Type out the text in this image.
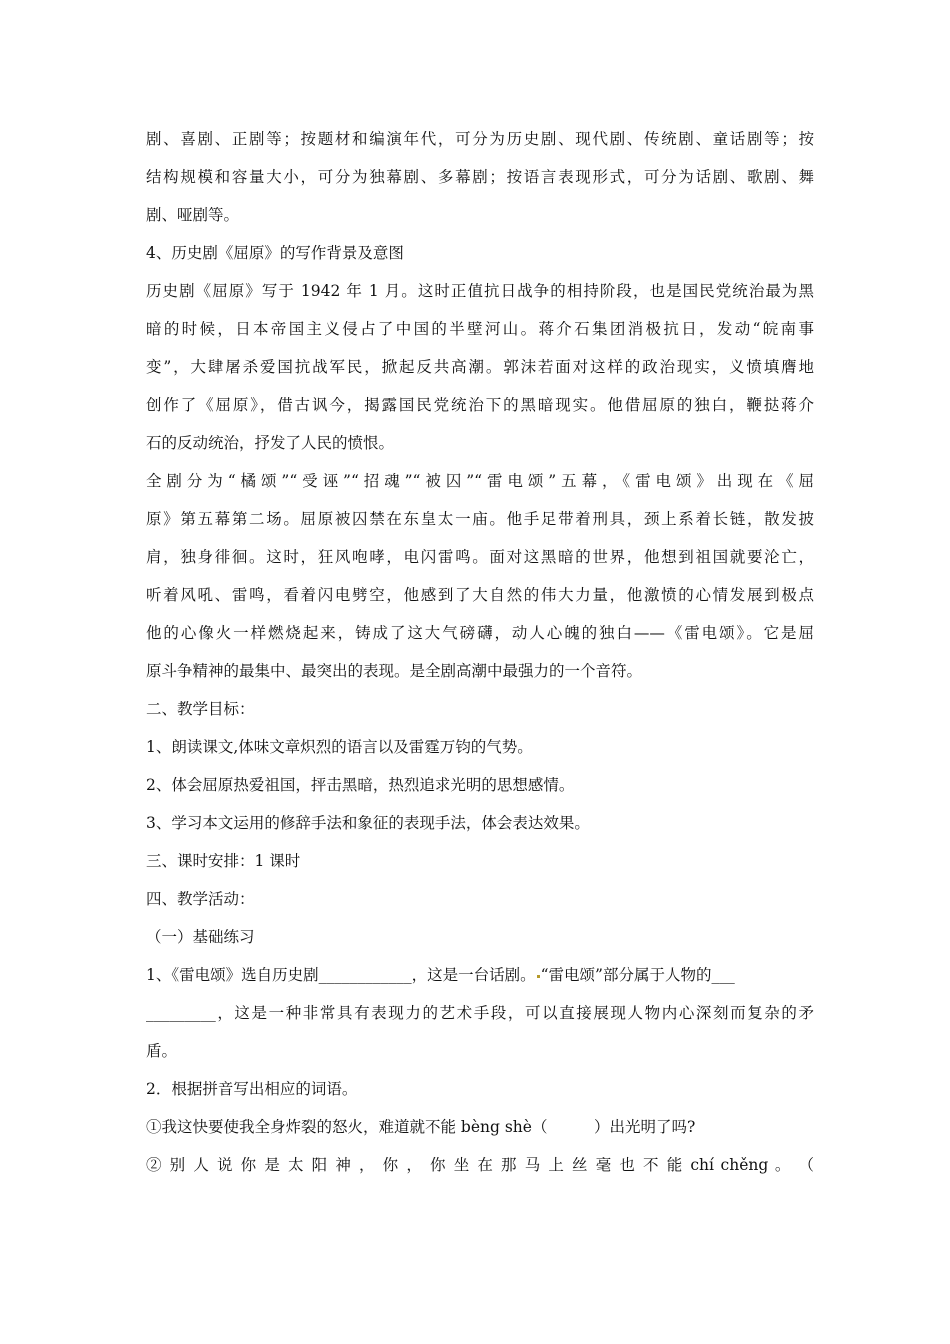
剧、喜剧、正剧等；按题材和编演年代，可分为历史剧、现代剧、传统剧、童话剧等；按
结构规模和容量大小，可分为独幕剧、多幕剧；按语言表现形式，可分为话剧、歌剧、舞
剧、哑剧等。
4、历史剧《屈原》的写作背景及意图
历史剧《屈原》写于 1942 年 1 月。这时正值抗日战争的相持阶段，也是国民党统治最为黑
暗的时候，日本帝国主义侵占了中国的半壁河山。蒋介石集团消极抗日，发动“皖南事
变”，大肆屠杀爱国抗战军民，掀起反共高潮。郭沫若面对这样的政治现实，义愤填膺地
创作了《屈原》，借古讽今，揭露国民党统治下的黑暗现实。他借屈原的独白，鞭挞蒋介
石的反动统治，抒发了人民的愤恨。
全剧分为“橘颂”“受诬”“招魂”“被囚”“雷电颂”五幕，《雷电颂》出现在《屈
原》第五幕第二场。屈原被囚禁在东皇太一庙。他手足带着刑具，颈上系着长链，散发披
肩，独身徘徊。这时，狂风咆哮，电闪雷鸣。面对这黑暗的世界，他想到祖国就要沦亡，
听着风吼、雷鸣，看着闪电劈空，他感到了大自然的伟大力量，他激愤的心情发展到极点
他的心像火一样燃烧起来，铸成了这大气磅礴，动人心魄的独白——《雷电颂》。它是屈
原斗争精神的最集中、最突出的表现。是全剧高潮中最强力的一个音符。
二、教学目标：
1、朗读课文,体味文章炽烈的语言以及雷霆万钧的气势。
2、体会屈原热爱祖国，抨击黑暗，热烈追求光明的思想感情。
3、学习本文运用的修辞手法和象征的表现手法，体会表达效果。
三、课时安排：1 课时
四、教学活动：
（一）基础练习
1、《雷电颂》选自历史剧____________，这是一台话剧。 “雷电颂”部分属于人物的___
_________，这是一种非常具有表现力的艺术手段，可以直接展现人物内心深刻而复杂的矛
盾。
2．根据拼音写出相应的词语。
①我这快要使我全身炸裂的怒火，难道就不能 bèng shè（　　　）出光明了吗?
② 别 人 说 你 是 太 阳 神 ， 你 ， 你 坐 在 那 马 上 丝 毫 也 不 能 chí chěng 。 （
